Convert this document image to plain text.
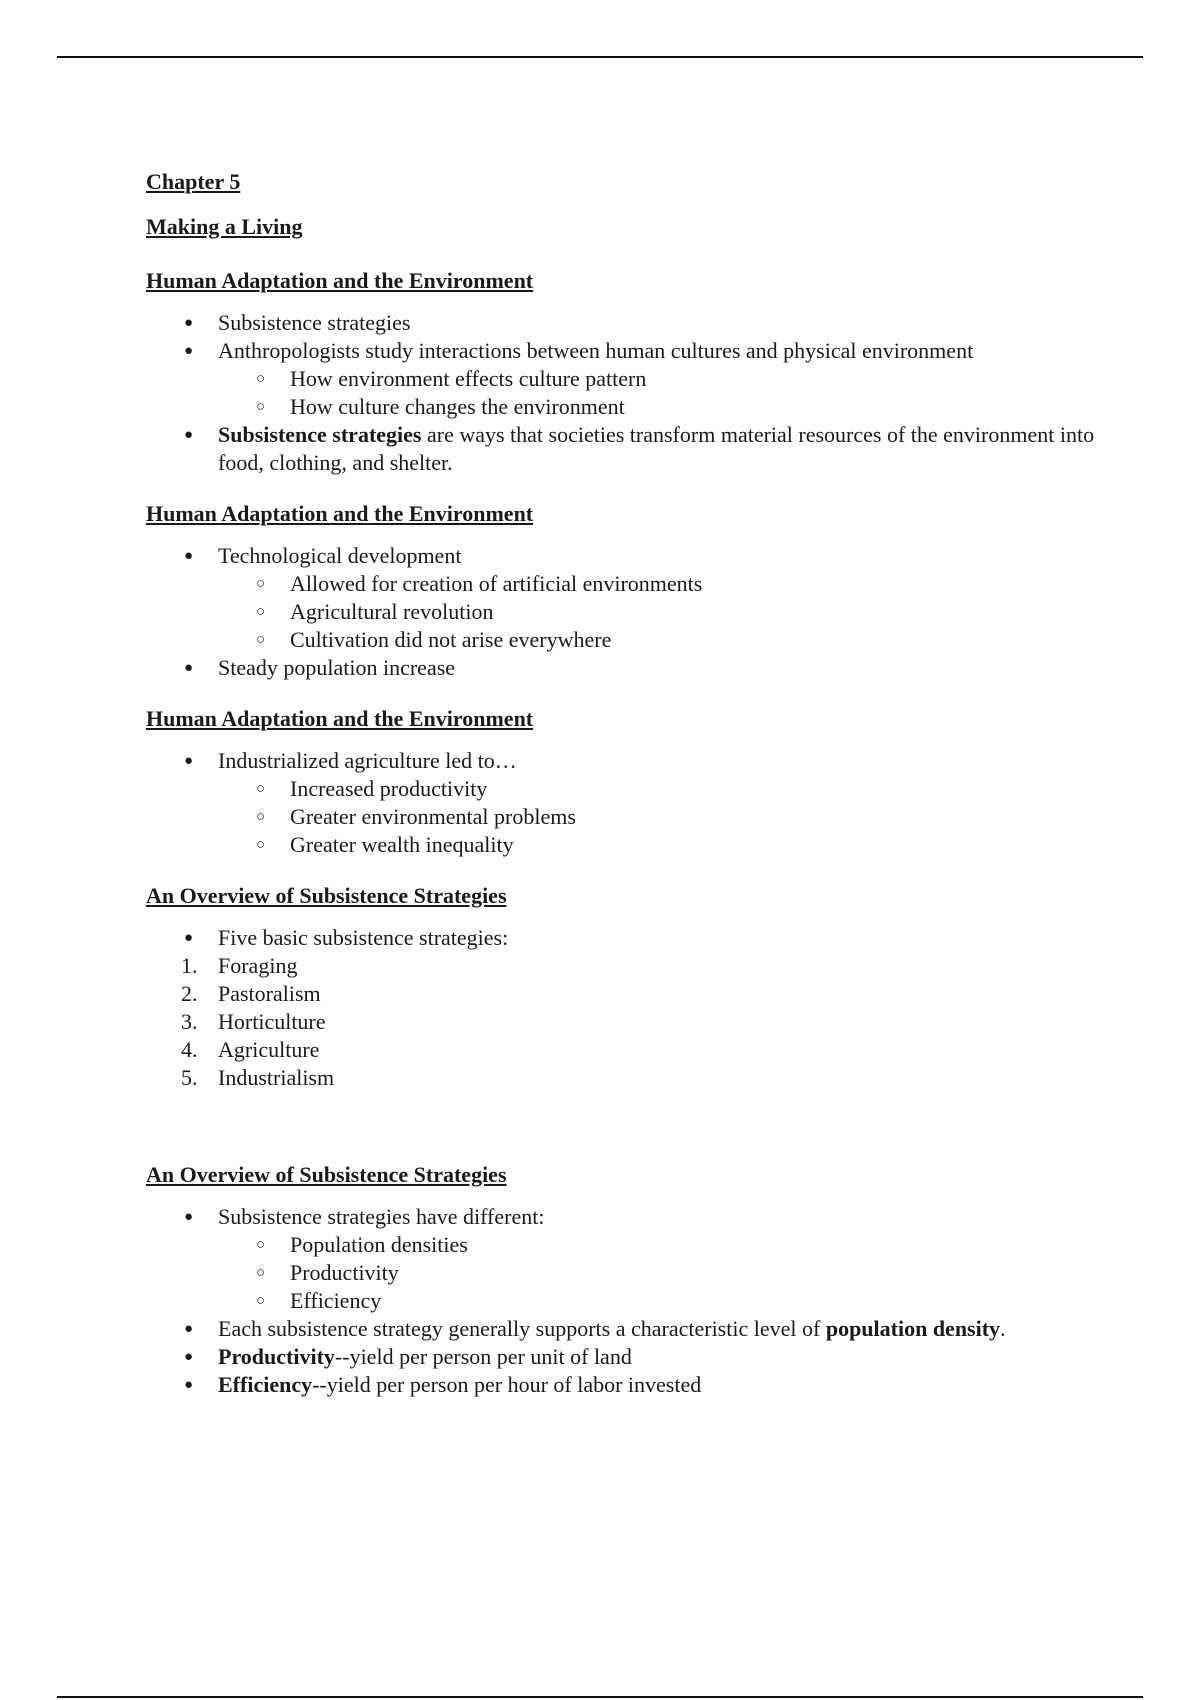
Chapter 5

Making a Living

Human Adaptation and the Environment

● Subsistence strategies
● Anthropologists study interactions between human cultures and physical environment
○ How environment effects culture pattern
○ How culture changes the environment
● Subsistence strategies are ways that societies transform material resources of the environment into food, clothing, and shelter.

Human Adaptation and the Environment

● Technological development
○ Allowed for creation of artificial environments
○ Agricultural revolution
○ Cultivation did not arise everywhere
● Steady population increase

Human Adaptation and the Environment

● Industrialized agriculture led to…
○ Increased productivity
○ Greater environmental problems
○ Greater wealth inequality

An Overview of Subsistence Strategies

● Five basic subsistence strategies:
1. Foraging
2. Pastoralism
3. Horticulture
4. Agriculture
5. Industrialism

An Overview of Subsistence Strategies

● Subsistence strategies have different:
○ Population densities
○ Productivity
○ Efficiency
● Each subsistence strategy generally supports a characteristic level of population density.
● Productivity--yield per person per unit of land
● Efficiency--yield per person per hour of labor invested
